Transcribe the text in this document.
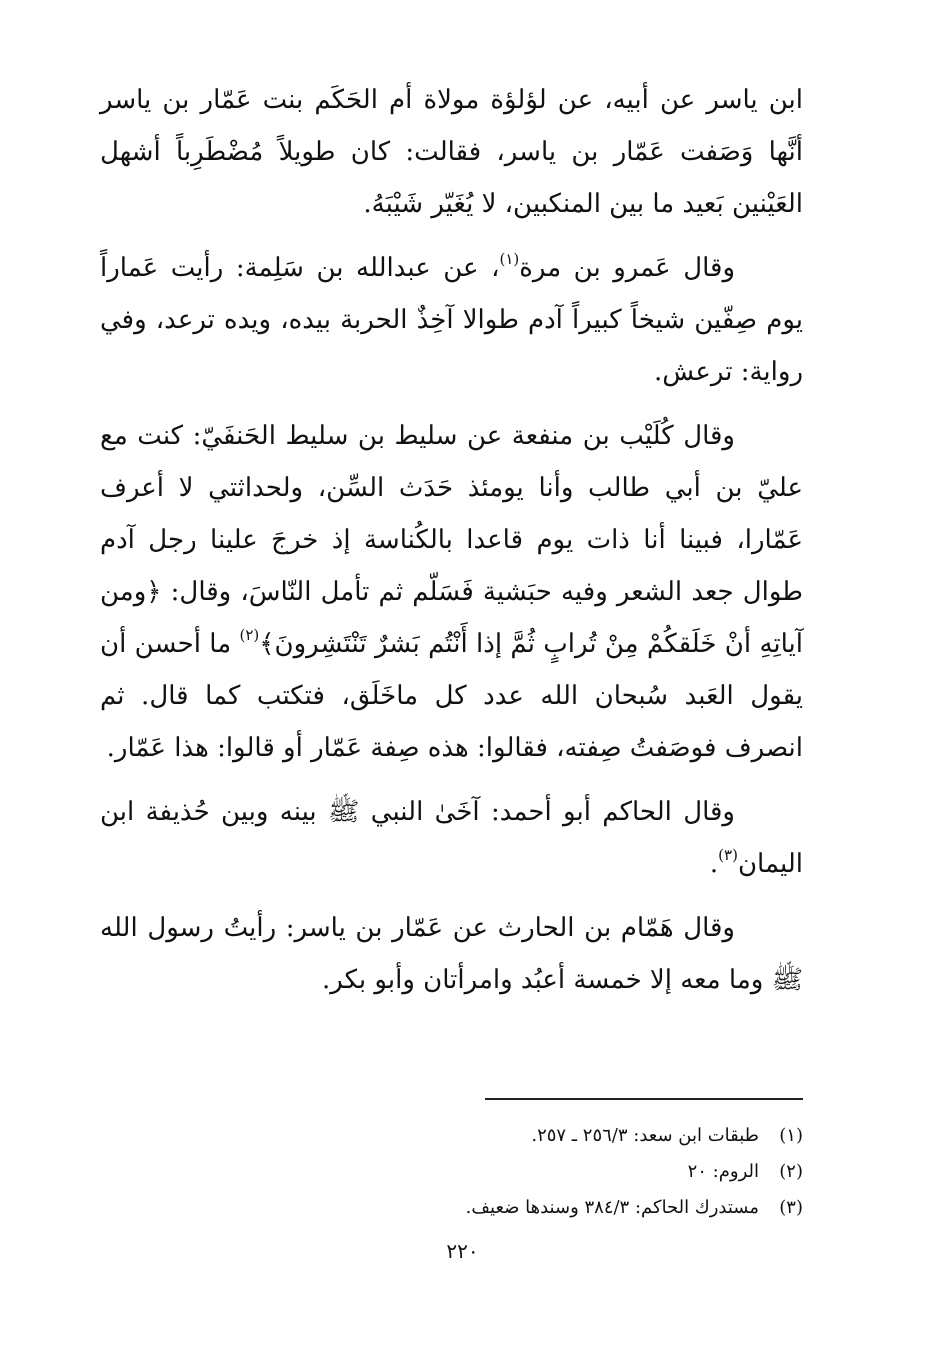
ابن ياسر عن أبيه، عن لؤلؤة مولاة أم الحَكَم بنت عَمّار بن ياسر أنَّها وَصَفت عَمّار بن ياسر، فقالت: كان طويلاً مُضْطَرِباً أشهل العَيْنين بَعيد ما بين المنكبين، لا يُغَيّر شَيْبَهُ.

وقال عَمرو بن مرة$^{(١)}$، عن عبدالله بن سَلِمة: رأيت عَماراً يوم صِفّين شيخاً كبيراً آدم طوالا آخِذٌ الحربة بيده، ويده ترعد، وفي رواية: ترعش.

وقال كُلَيْب بن منفعة عن سليط بن سليط الحَنفَيّ: كنت مع عليّ بن أبي طالب وأنا يومئذ حَدَث السِّن، ولحداثتي لا أعرف عَمّارا، فبينا أنا ذات يوم قاعدا بالكُناسة إذ خرجَ علينا رجل آدم طوال جعد الشعر وفيه حبَشية فَسَلّم ثم تأمل النّاسَ، وقال: ﴿ومن آياتِهِ أنْ خَلَقكُمْ مِنْ تُرابٍ ثُمَّ إذا أَنْتُم بَشرٌ تَنْتَشِرونَ﴾$^{(٢)}$ ما أحسن أن يقول العَبد سُبحان الله عدد كل ماخَلَق، فتكتب كما قال. ثم انصرف فوصَفتُ صِفته، فقالوا: هذه صِفة عَمّار أو قالوا: هذا عَمّار.

وقال الحاكم أبو أحمد: آخَىٰ النبي ﷺ بينه وبين حُذيفة ابن اليمان$^{(٣)}$.

وقال هَمّام بن الحارث عن عَمّار بن ياسر: رأيتُ رسول الله ﷺ وما معه إلا خمسة أعبُد وامرأتان وأبو بكر.

(١)طبقات ابن سعد: ٢٥٦/٣ ـ ٢٥٧.
(٢)الروم: ٢٠
(٣)مستدرك الحاكم: ٣٨٤/٣ وسندها ضعيف.
٢٢٠
